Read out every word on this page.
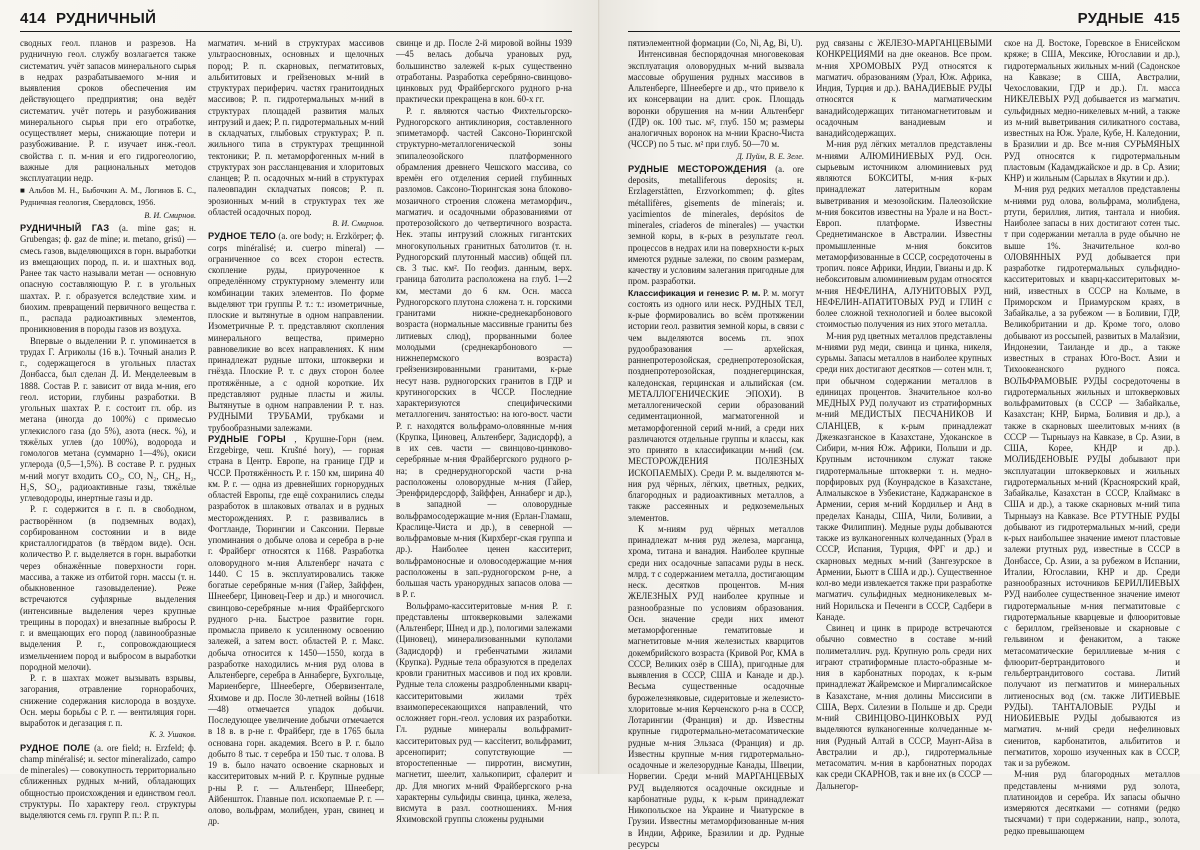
414 РУДНИЧНЫЙ

сводных геол. планов и разрезов. На рудничную геол. службу возлагается также систематич. учёт запасов минерального сырья в недрах разрабатываемого м-ния и выявления сроков обеспечения им действующего предприятия; она ведёт систематич. учёт потерь и разубоживания минерального сырья при его отработке, осуществляет меры, снижающие потери и разубоживание. Р. г. изучает инж.-геол. свойства г. п. м-ния и его гидрогеологию, важные для рациональных методов эксплуатации недр.

■ Альбов М. Н., Быбочкин А. М., Логинов Б. С., Рудничная геология, Свердловск, 1956.
В. И. Смирнов.

РУДНИЧНЫЙ ГАЗ (a. mine gas; н. Grubengas; ф. gaz de mine; и. metano, grisú) — смесь газов, выделяющихся в горн. выработки из вмещающих пород, п. и. и шахтных вод. Ранее так часто называли метан — основную опасную составляющую Р. г. в угольных шахтах. Р. г. образуется вследствие хим. и биохим. превращений первичного вещества г. п., распада радиоактивных элементов, проникновения в породы газов из воздуха.

Впервые о выделении Р. г. упоминается в трудах Г. Агриколы (16 в.). Точный анализ Р. г., содержащегося в угольных пластах Донбасса, был сделан Д. И. Менделеевым в 1888. Состав Р. г. зависит от вида м-ния, его геол. истории, глубины разработки. В угольных шахтах Р. г. состоит гл. обр. из метана (иногда до 100%) с примесью углекислого газа (до 5%), азота (неск. %), и тяжёлых углев (до 100%), водорода и гомологов метана (суммарно 1—4%), окиси углерода (0,5—1,5%). В составе Р. г. рудных м-ний могут входить CO₂, CO, N₂, CH₄, H₂, H₂S, SO₂, радиоактивные газы, тяжёлые углеводороды, инертные газы и др.

Р. г. содержится в г. п. в свободном, растворённом (в подземных водах), сорбированном состоянии и в виде кристаллогидратов (в твёрдом виде). Осн. количество Р. г. выделяется в горн. выработки через обнажённые поверхности горн. массива, а также из отбитой горн. массы (т. н. обыкновенное газовыделение). Реже встречаются суфлярные выделения (интенсивные выделения через крупные трещины в породах) и внезапные выбросы Р. г. и вмещающих его пород (лавинообразные выделения Р. г., сопровождающиеся измельчением пород и выбросом в выработки породной мелочи).

Р. г. в шахтах может вызывать взрывы, загорания, отравление горнорабочих, снижение содержания кислорода в воздухе. Осн. меры борьбы с Р. г. — вентиляция горн. выработок и дегазация г. п.

К. З. Ушаков.

РУДНОЕ ПОЛЕ (a. ore field; н. Erzfeld; ф. champ minéralisé; и. sector mineralizado, campo de minerales) — совокупность территориально сближенных рудных м-ний, обладающих общностью происхождения и единством геол. структуры. По характеру геол. структуры выделяются семь гл. групп Р. п.: Р. п.

магматич. м-ний в структурах массивов ультраосновных, основных и щелочных пород; Р. п. скарновых, пегматитовых, альбититовых и грейзеновых м-ний в структурах периферич. частях гранитоидных массивов; Р. п. гидротермальных м-ний в структурах площадей развития малых интрузий и даек; Р. п. гидротермальных м-ний в складчатых, глыбовых структурах; Р. п. жильного типа в структурах трещинной тектоники; Р. п. метаморфогенных м-ний в структурах зон рассланцевания и хлоритовых сланцев; Р. п. осадочных м-ний в структурах палеовпадин складчатых поясов; Р. п. эрозионных м-ний в структурах тех же областей осадочных пород.

В. И. Смирнов.

РУДНОЕ ТЕЛО (a. ore body; н. Erzkörper; ф. corps minéralisé; и. cuerpo mineral) — ограниченное со всех сторон естеств. скопление руды, приуроченное к определённому структурному элементу или комбинации таких элементов. По форме выделяют три группы Р. т.: т.: изометричные, плоские и вытянутые в одном направлении. Изометричные Р. т. представляют скопления минерального вещества, примерно равновеликие во всех направлениях. К ним принадлежат рудные штоки, штокверки и гнёзда. Плоские Р. т. с двух сторон более протяжённые, а с одной короткие. Их представляют рудные пласты и жилы. Вытянутые в одном направлении Р. т. наз. РУДНЫМИ ТРУБАМИ, трубками и трубообразными залежами.

РУДНЫЕ ГОРЫ , Крушне-Горн (нем. Erzgebirge, чеш. Krušné hory), — горная страна в Центр. Европе, на границе ГДР и ЧССР. Протяжённость Р. г. 150 км, ширина 40 км. Р. г. — одна из древнейших горнорудных областей Европы, где ещё сохранились следы разработок в шлаковых отвалах и в рудных месторождениях. Р. г. развивались в Фогтланде, Тюрингии и Саксонии. Первые упоминания о добыче олова и серебра в р-не г. Фрайберг относятся к 1168. Разработка оловорудного м-ния Альтенберг начата с 1440. С 15 в. эксплуатировались также богатые серебряные м-ния (Гайер, Зайффен, Шнееберг, Циновец-Геер и др.) и многочисл. свинцово-серебряные м-ния Фрайбергского рудного р-на. Быстрое развитие горн. промысла привело к усиленному освоению залежей, а затем вост. областей Р. г. Макс. добыча относится к 1450—1550, когда в разработке находились м-ния руд олова в Альтенберге, серебра в Аннаберге, Бухгольце, Мариенберге, Шнееберге, Обервизентале, Яхимове и др. После 30-летней войны (1618—48) отмечается упадок добычи. Последующее увеличение добычи отмечается в 18 в. в р-не г. Фрайберг, где в 1765 была основана горн. академия. Всего в Р. г. было добыто 8 тыс. т серебра и 150 тыс. т олова. В 19 в. было начато освоение скарновых и касситеритовых м-ний Р. г. Крупные рудные р-ны Р. г. — Альтенберг, Шнееберг, Айбеншток. Главные пол. ископаемые Р. г. — олово, вольфрам, молибден, уран, свинец и др.

свинце и др. После 2-й мировой войны 1939—45 велась добыча урановых руд, большинство залежей к-рых существенно отработаны. Разработка серебряно-свинцово-цинковых руд Фрайбергского рудного р-на практически прекращена в кон. 60-х гг.

Р. г. являются частью Фихтельгорско-Рудногорского антиклинория, составленного эпиметаморф. частей Саксоно-Тюрингской структурно-металлогенической зоны эпипалеозойского платформенного обрамления древнего Чешского массива, со времён его отделения серией глубинных разломов. Саксоно-Тюрингская зона блоково-мозаичного строения сложена метаморфич., магматич. и осадочными образованиями от протерозойского до четвертичного возраста. Нек. этапы интрузий сложных гигантских многокупольных гранитных батолитов (т. н. Рудногорский плутонный массив) общей пл. св. 3 тыс. км². По геофиз. данным, верх. граница батолита расположена на глуб. 1—2 км, местами до 6 км. Осн. масса Рудногорского плутона сложена т. н. горскими гранитами нижне-среднекарбонового возраста (нормальные массивные граниты без литиевых слюд), прорванными более молодыми (среднекарбонового — нижнепермского возраста) грейзенизированными гранитами, к-рые несут назв. рудногорских гранитов в ГДР и кругиногорских в ЧССР. Последние характеризуются специфическими металлогенич. занятостью: на юго-вост. части Р. г. находятся вольфрамо-оловянные м-ния (Крупка, Циновец, Альтенберг, Задисдорф), а в их сев. части — свинцово-цинково-серебряные м-ния Фрайбергского рудного р-на; в среднерудногорской части р-на расположены оловорудные м-ния (Гайер, Эренфридерсдорф, Зайффен, Аннаберг и др.), в западной — оловорудные вольфрамосодержащие м-ния (Ерлан-Гламаш, Краслице-Чиста и др.), в северной — вольфрамовые м-ния (Кирхберг-ская группа и др.). Наиболее ценен касситерит, вольфрамоносные и оловосодержащие м-ния расположены в зап.-рудногорском р-не, а большая часть уранорудных запасов олова — в Р. г.

Вольфрамо-касситеритовые м-ния Р. г. представлены штокверковыми залежами (Альтенберг, Шнед и др.), пологими залежами (Циновец), минерализованными куполами (Задисдорф) и гребенчатыми жилами (Крупка). Рудные тела образуются в пределах кровли гранитных массивов и под их кровли. Рудные тела сложены раздробленными кварц-касситеритовыми жилами трёх взаимопересекающихся направлений, что осложняет горн.-геол. условия их разработки. Гл. рудные минералы вольфрамит-касситеритовых руд — кассiterит, вольфрамит, арсенопирит; сопутствующие — второстепенные — пирротин, висмутин, магнетит, шеелит, халькопирит, сфалерит и др. Для многих м-ний Фрайбергского р-на характерны сульфиды свинца, цинка, железа, висмута в разл. соотношениях. М-ния Яхимовской группы сложены рудными

РУДНЫЕ 415

пятиэлементной формации (Co, Ni, Ag, Bi, U).

Интенсивная беспорядочная многовековая эксплуатация оловорудных м-ний вызвала массовые обрушения рудных массивов в Альтенберге, Шнееберге и др., что привело к их консервации на длит. срок. Площадь воронки обрушения на м-нии Альтенберг (ГДР) ок. 100 тыс. м², глуб. 150 м; размеры аналогичных воронок на м-нии Красно-Чиста (ЧССР) по 5 тыс. м² при глуб. 50—70 м.

Д. Пуйм, В. Е. Зеле.

РУДНЫЕ МЕСТОРОЖДЕНИЯ (a. ore deposits, metalliferous deposits; н. Erzlagerstätten, Erzvorkommen; ф. gîtes métallifères, gisements de minerais; и. yacimientos de minerales, depósitos de minerales, criaderos de minerales) — участки земной коры, в к-рых в результате геол. процессов в недрах или на поверхности к-рых имеются рудные залежи, по своим размерам, качеству и условиям залегания пригодные для пром. разработки.

Классификация и генезис Р. м. Р. м. могут состоять из одного или неск. РУДНЫХ ТЕЛ, к-рые формировались во всём протяжении истории геол. развития земной коры, в связи с чем выделяются восемь гл. эпох рудообразования — архейская, раннепротерозойская, среднепротерозойская, позднепротерозойская, позднегерцинская, каледонская, герцинская и альпийская (см. МЕТАЛЛОГЕНИЧЕСКИЕ ЭПОХИ). В металлогенической серии образований седиментационной, магматогенной и метаморфогенной серий м-ний, а среди них различаются отдельные группы и классы, как это принято в классификации м-ний (см. МЕСТОРОЖДЕНИЯ ПОЛЕЗНЫХ ИСКОПАЕМЫХ). Среди Р. м. выделяются м-ния руд чёрных, лёгких, цветных, редких, благородных и радиоактивных металлов, а также рассеянных и редкоземельных элементов.

К м-ниям руд чёрных металлов принадлежат м-ния руд железа, марганца, хрома, титана и ванадия. Наиболее крупные среди них осадочные запасами руды в неск. млрд. т с содержанием металла, достигающим неск. десятков процентов. М-ния ЖЕЛЕЗНЫХ РУД наиболее крупные и разнообразные по условиям образования. Осн. значение среди них имеют метаморфогенные гематитовые и магнетитовые м-ния железистых кварцитов докембрийского возраста (Кривой Рог, КМА в СССР, Великих озёр в США), пригодные для выявления в СССР, США и Канаде и др.). Весьма существенные осадочные бурожелезняковые, сидеритовые и железисто-хлоритовые м-ния Керченского р-на в СССР, Лотарингии (Франция) и др. Известны крупные гидротермально-метасоматические рудные м-ния Эльзаса (Франция) и др. Известны крупные м-ния гидротермально-осадочные и железорудные Канады, Швеции, Норвегии. Среди м-ний МАРГАНЦЕВЫХ РУД выделяются осадочные оксидные и карбонатные руды, к к-рым принадлежат Никопольское на Украине и Чиатурское в Грузии. Известны метаморфизованные м-ния в Индии, Африке, Бразилии и др. Рудные ресурсы

руд связаны с ЖЕЛЕЗО-МАРГАНЦЕВЫМИ КОНКРЕЦИЯМИ на дне океанов. Все пром. м-ния ХРОМОВЫХ РУД относятся к магматич. образованиям (Урал, Юж. Африка, Индия, Турция и др.). ВАНАДИЕВЫЕ РУДЫ относятся к магматическим ванадийсодержащих титаномагнетитовым и осадочным ванадиевым и ванадийсодержащих.

М-ния руд лёгких металлов представлены м-ниями АЛЮМИНИЕВЫХ РУД. Осн. сырьевым источником алюминиевых руд являются БОКСИТЫ, м-ния к-рых принадлежат латеритным корам выветривания и мезозойским. Палеозойские м-ния бокситов известны на Урале и на Вост.-Европ. платформе. Известны Среднетиманское в Австралии. Известны промышленные м-ния бокситов метаморфизованные в СССР, сосредоточены в тропич. поясе Африки, Индии, Гвианы и др. К небокситовым алюминиевым рудам относятся м-ния НЕФЕЛИНА, АЛУНИТОВЫХ РУД, НЕФЕЛИН-АПАТИТОВЫХ РУД и ГЛИН с более сложной технологией и более высокой стоимостью получения из них этого металла.

М-ния руд цветных металлов представлены м-ниями руд меди, свинца и цинка, никеля, сурьмы. Запасы металлов в наиболее крупных среди них достигают десятков — сотен млн. т, при обычном содержании металлов в единицах процентов. Значительное кол-во МЕДНЫХ РУД получают из стратиформных м-ний МЕДИСТЫХ ПЕСЧАНИКОВ И СЛАНЦЕВ, к к-рым принадлежат Джезказганское в Казахстане, Удоканское в Сибири, м-ния Юж. Африки, Польши и др. Крупным источником служат также гидротермальные штокверки т. н. медно-порфировых руд (Коунрадское в Казахстане, Алмалыкское в Узбекистане, Каджаранское в Армении, серия м-ний Кордильер и Анд в пределах Канады, США, Чили, Боливии, а также Филиппин). Медные руды добываются также из вулканогенных колчеданных (Урал в СССР, Испания, Турция, ФРГ и др.) и скарновых медных м-ний (Зангезурское в Армении, Бьютт в США и др.). Существенное кол-во меди извлекается также при разработке магматич. сульфидных медноникелевых м-ний Норильска и Печенги в СССР, Садбери в Канаде.

Свинец и цинк в природе встречаются обычно совместно в составе м-ний полиметаллич. руд. Крупную роль среди них играют стратиформные пласто-образные м-ния в карбонатных породах, к к-рым принадлежат Жайремское и Миргалимсайское в Казахстане, м-ния долины Миссисипи в США, Верх. Силезии в Польше и др. Среди м-ний СВИНЦОВО-ЦИНКОВЫХ РУД выделяются вулканогенные колчеданные м-ния (Рудный Алтай в СССР, Маунт-Айза в Австралии и др.), гидротермальные метасоматич. м-ния в карбонатных породах как среди СКАРНОВ, так и вне их (в СССР — Дальнегор-

ское на Д. Востоке, Горевское в Енисейском кряже; в США, Мексике, Югославии и др.), гидротермальных жильных м-ний (Садонское на Кавказе; в США, Австралии, Чехословакии, ГДР и др.). Гл. масса НИКЕЛЕВЫХ РУД добывается из магматич. сульфидных медно-никелевых м-ний, а также из м-ний выветривания силикатного состава, известных на Юж. Урале, Кубе, Н. Каледонии, в Бразилии и др. Все м-ния СУРЬМЯНЫХ РУД относятся к гидротермальным пластовым (Кадамджайское и др. в Ср. Азии; КНР) и жильным (Сарылах в Якутии и др.).

М-ния руд редких металлов представлены м-ниями руд олова, вольфрама, молибдена, ртути, бериллия, лития, тантала и ниобия. Наиболее запасы в них достигают сотен тыс. т при содержании металла в руде обычно не выше 1%. Значительное кол-во ОЛОВЯННЫХ РУД добывается при разработке гидротермальных сульфидно-касситеритовых и кварц-касситеритовых м-ний, известных в СССР на Колыме, в Приморском и Приамурском краях, в Забайкалье, а за рубежом — в Боливии, ГДР, Великобритании и др. Кроме того, олово добывают из россыпей, развитых в Малайзии, Индонезии, Таиланде и др., а также известных в странах Юго-Вост. Азии и Тихоокеанского рудного пояса. ВОЛЬФРАМОВЫЕ РУДЫ сосредоточены в гидротермальных жильных и штокверковых вольфрамитовых (в СССР — Забайкалье, Казахстан; КНР, Бирма, Боливия и др.), а также в скарновых шеелитовых м-ниях (в СССР — Тырныауз на Кавказе, в Ср. Азии, в США, Корее, КНДР и др.). МОЛИБДЕНОВЫЕ РУДЫ добывают при эксплуатации штокверковых и жильных гидротермальных м-ний (Красноярский край, Забайкалье, Казахстан в СССР, Клаймакс в США и др.), а также скарновых м-ний типа Тырныауз на Кавказе. Все РТУТНЫЕ РУДЫ добывают из гидротермальных м-ний, среди к-рых наибольшее значение имеют пластовые залежи ртутных руд, известные в СССР в Донбассе, Ср. Азии, а за рубежом в Испании, Италии, Югославии, КНР и др. Среди разнообразных источников БЕРИЛЛИЕВЫХ РУД наиболее существенное значение имеют гидротермальные м-ния пегматитовые с гидротермальные кварцевые и флюоритовые с бериллом, грейзеновые и скарновые с гельвином и фенакитом, а также метасоматические бериллиевые м-ния с флюорит-бертрандитового и гельбертрандитового состава. Литий получают из пегматитов и минеральных литиеносных вод (см. также ЛИТИЕВЫЕ РУДЫ). ТАНТАЛОВЫЕ РУДЫ и НИОБИЕВЫЕ РУДЫ добываются из магматич. м-ний среди нефелиновых сиенитов, карбонатитов, альбититов и пегматитов, хорошо изученных как в СССР, так и за рубежом.

М-ния руд благородных металлов представлены м-ниями руд золота, платиноидов и серебра. Их запасы обычно измеряются десятками — сотнями (редко тысячами) т при содержании, напр., золота, редко превышающем
